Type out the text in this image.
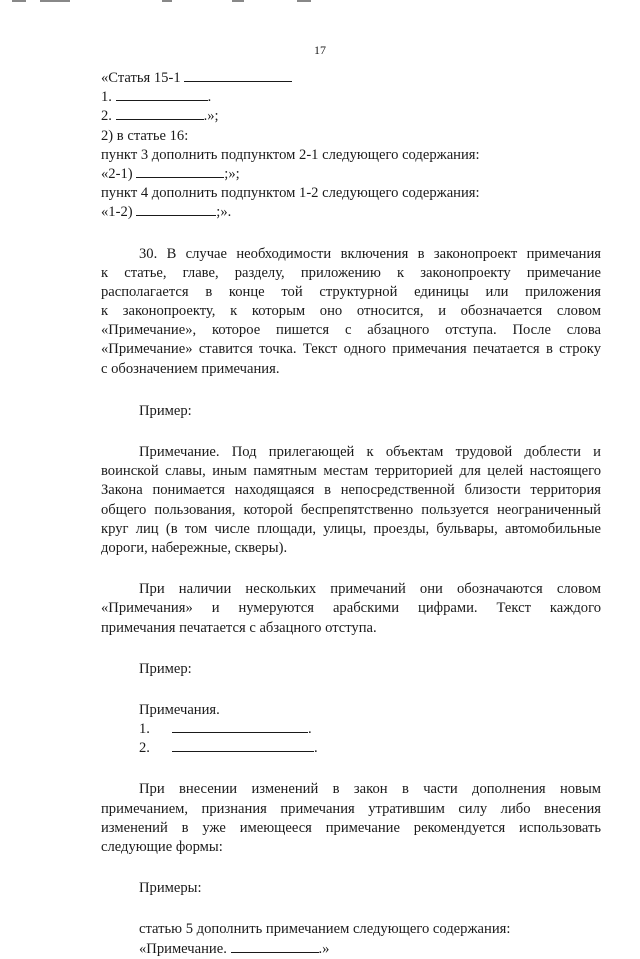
17
«Статья 15-1
1.	.
2.	.»;
2) в статье 16:
пункт 3 дополнить подпунктом 2-1 следующего содержания:
«2-1)	;»;
пункт 4 дополнить подпунктом 1-2 следующего содержания:
«1-2)	;».
30. В случае необходимости включения в законопроект примечания
к статье, главе, разделу, приложению к законопроекту примечание
располагается в конце той структурной единицы или приложения
к законопроекту, к которым оно относится, и обозначается словом
«Примечание», которое пишется с абзацного отступа. После слова
«Примечание» ставится точка. Текст одного примечания печатается в строку
с обозначением примечания.
Пример:
Примечание. Под прилегающей к объектам трудовой доблести и
воинской славы, иным памятным местам территорией для целей настоящего
Закона понимается находящаяся в непосредственной близости территория
общего пользования, которой беспрепятственно пользуется неограниченный
круг лиц (в том числе площади, улицы, проезды, бульвары, автомобильные
дороги, набережные, скверы).
При наличии нескольких примечаний они обозначаются словом
«Примечания» и нумеруются арабскими цифрами. Текст каждого
примечания печатается с абзацного отступа.
Пример:
Примечания.
1.	.
2.	.
При внесении изменений в закон в части дополнения новым
примечанием, признания примечания утратившим силу либо внесения
изменений в уже имеющееся примечание рекомендуется использовать
следующие формы:
Примеры:
статью 5 дополнить примечанием следующего содержания:
«Примечание.	.»
